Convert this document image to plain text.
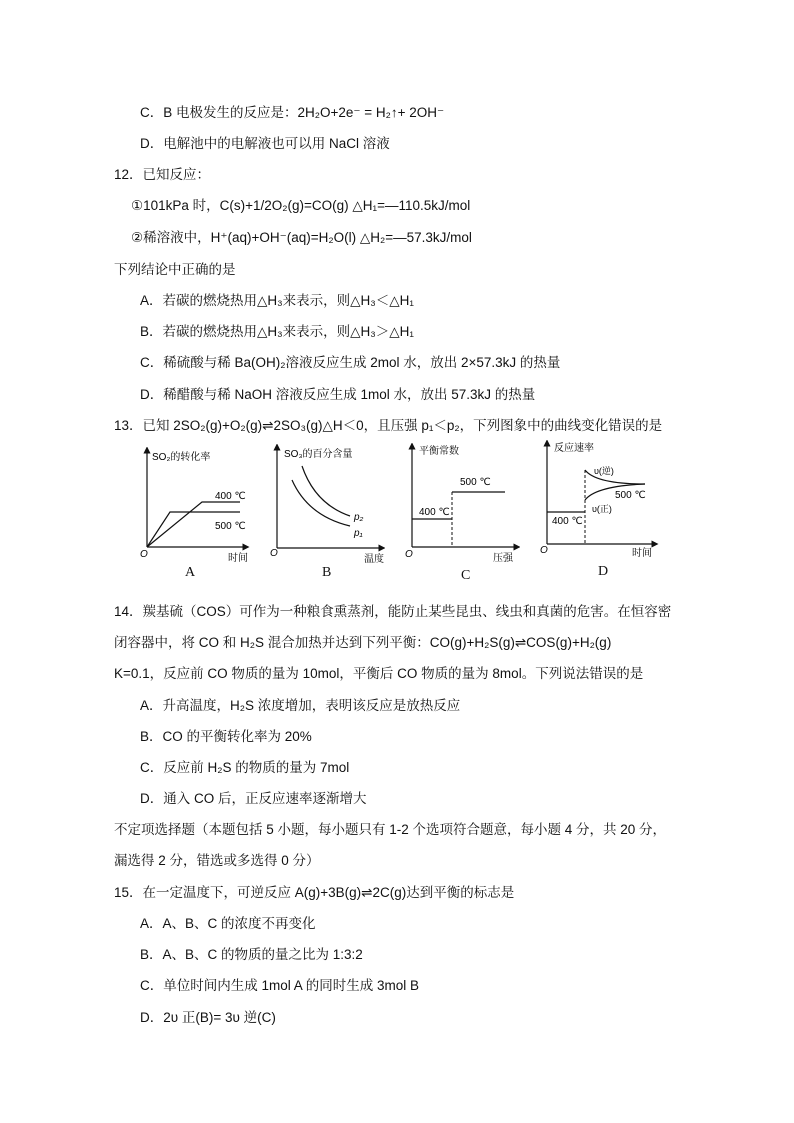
C．B 电极发生的反应是：2H₂O+2e⁻ = H₂↑+ 2OH⁻
D．电解池中的电解液也可以用 NaCl 溶液
12．已知反应：
①101kPa 时，C(s)+1/2O₂(g)=CO(g) △H₁=—110.5kJ/mol
②稀溶液中，H⁺(aq)+OH⁻(aq)=H₂O(l) △H₂=—57.3kJ/mol
下列结论中正确的是
A．若碳的燃烧热用△H₃来表示，则△H₃＜△H₁
B．若碳的燃烧热用△H₃来表示，则△H₃＞△H₁
C．稀硫酸与稀 Ba(OH)₂溶液反应生成 2mol 水，放出 2×57.3kJ 的热量
D．稀醋酸与稀 NaOH 溶液反应生成 1mol 水，放出 57.3kJ 的热量
13．已知 2SO₂(g)+O₂(g)⇌2SO₃(g)△H＜0，且压强 p₁＜p₂，下列图象中的曲线变化错误的是
SO₂的转化率
时间
O
400 ℃
500 ℃
A
SO₃的百分含量
温度
O
p₂
p₁
B
平衡常数
压强
O
500 ℃
400 ℃
C
反应速率
时间
O
υ(逆)
500 ℃
υ(正)
400 ℃
D
14．羰基硫（COS）可作为一种粮食熏蒸剂，能防止某些昆虫、线虫和真菌的危害。在恒容密
闭容器中，将 CO 和 H₂S 混合加热并达到下列平衡：CO(g)+H₂S(g)⇌COS(g)+H₂(g)
K=0.1，反应前 CO 物质的量为 10mol，平衡后 CO 物质的量为 8mol。下列说法错误的是
A．升高温度，H₂S 浓度增加，表明该反应是放热反应
B．CO 的平衡转化率为 20%
C．反应前 H₂S 的物质的量为 7mol
D．通入 CO 后，正反应速率逐渐增大
不定项选择题（本题包括 5 小题，每小题只有 1-2 个选项符合题意，每小题 4 分，共 20 分，
漏选得 2 分，错选或多选得 0 分）
15．在一定温度下，可逆反应 A(g)+3B(g)⇌2C(g)达到平衡的标志是
A．A、B、C 的浓度不再变化
B．A、B、C 的物质的量之比为 1:3:2
C．单位时间内生成 1mol A 的同时生成 3mol B
D．2υ 正(B)= 3υ 逆(C)
